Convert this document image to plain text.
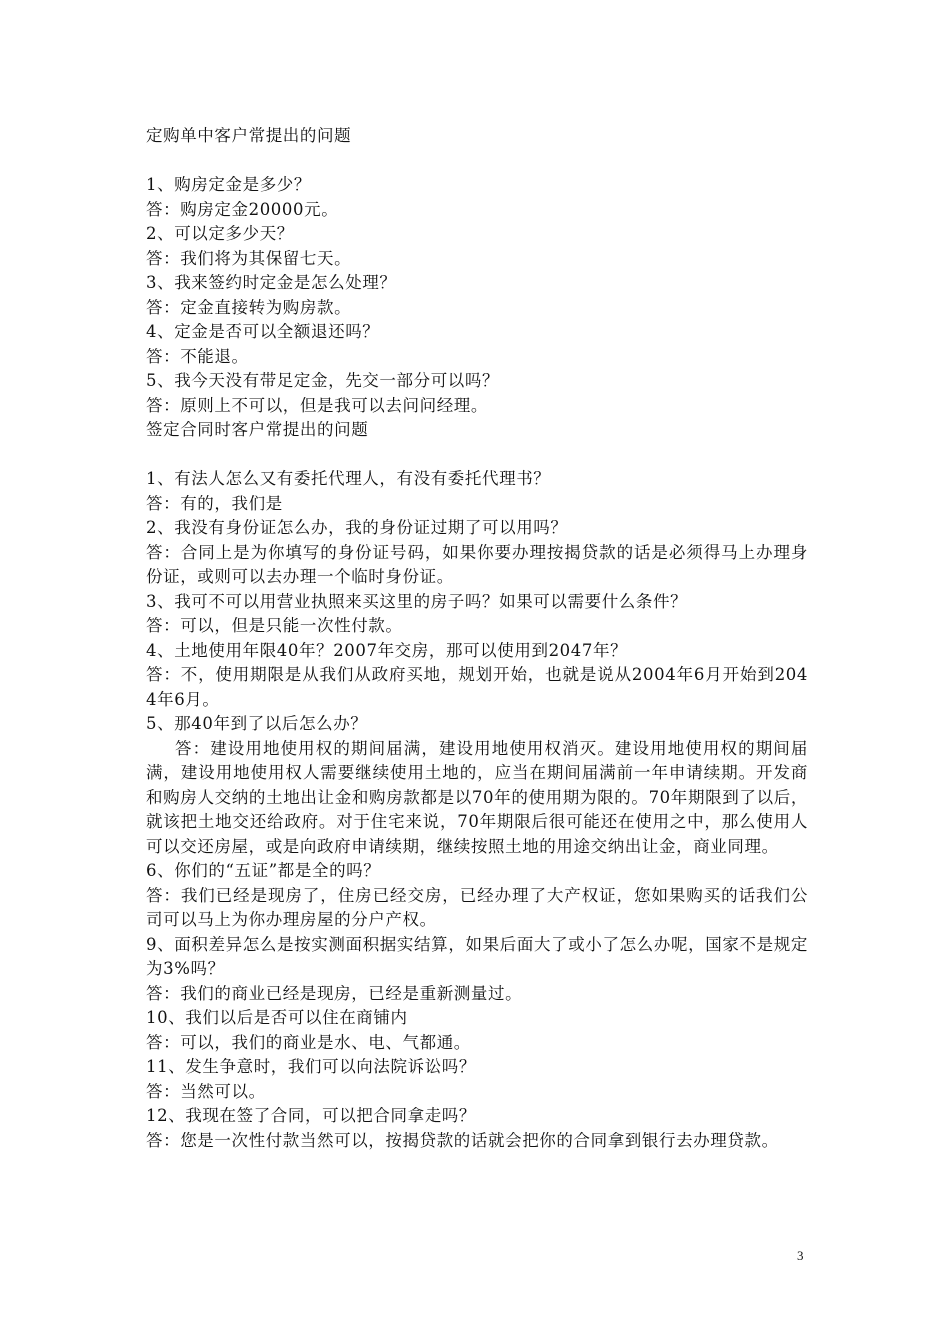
定购单中客户常提出的问题
1、购房定金是多少？
答：购房定金20000元。
2、可以定多少天？
答：我们将为其保留七天。
3、我来签约时定金是怎么处理？
答：定金直接转为购房款。
4、定金是否可以全额退还吗？
答：不能退。
5、我今天没有带足定金，先交一部分可以吗？
答：原则上不可以，但是我可以去问问经理。
签定合同时客户常提出的问题
1、有法人怎么又有委托代理人，有没有委托代理书？
答：有的，我们是
2、我没有身份证怎么办，我的身份证过期了可以用吗？
答：合同上是为你填写的身份证号码，如果你要办理按揭贷款的话是必须得马上办理身份证，或则可以去办理一个临时身份证。
3、我可不可以用营业执照来买这里的房子吗？如果可以需要什么条件？
答：可以，但是只能一次性付款。
4、土地使用年限40年？2007年交房，那可以使用到2047年？
答：不，使用期限是从我们从政府买地，规划开始，也就是说从2004年6月开始到2044年6月。
5、那40年到了以后怎么办？
答：建设用地使用权的期间届满，建设用地使用权消灭。建设用地使用权的期间届满，建设用地使用权人需要继续使用土地的，应当在期间届满前一年申请续期。开发商和购房人交纳的土地出让金和购房款都是以70年的使用期为限的。70年期限到了以后，就该把土地交还给政府。对于住宅来说，70年期限后很可能还在使用之中，那么使用人可以交还房屋，或是向政府申请续期，继续按照土地的用途交纳出让金，商业同理。
6、你们的“五证”都是全的吗？
答：我们已经是现房了，住房已经交房，已经办理了大产权证，您如果购买的话我们公司可以马上为你办理房屋的分户产权。
9、面积差异怎么是按实测面积据实结算，如果后面大了或小了怎么办呢，国家不是规定为3%吗？
答：我们的商业已经是现房，已经是重新测量过。
10、我们以后是否可以住在商铺内
答：可以，我们的商业是水、电、气都通。
11、发生争意时，我们可以向法院诉讼吗？
答：当然可以。
12、我现在签了合同，可以把合同拿走吗？
答：您是一次性付款当然可以，按揭贷款的话就会把你的合同拿到银行去办理贷款。
3
